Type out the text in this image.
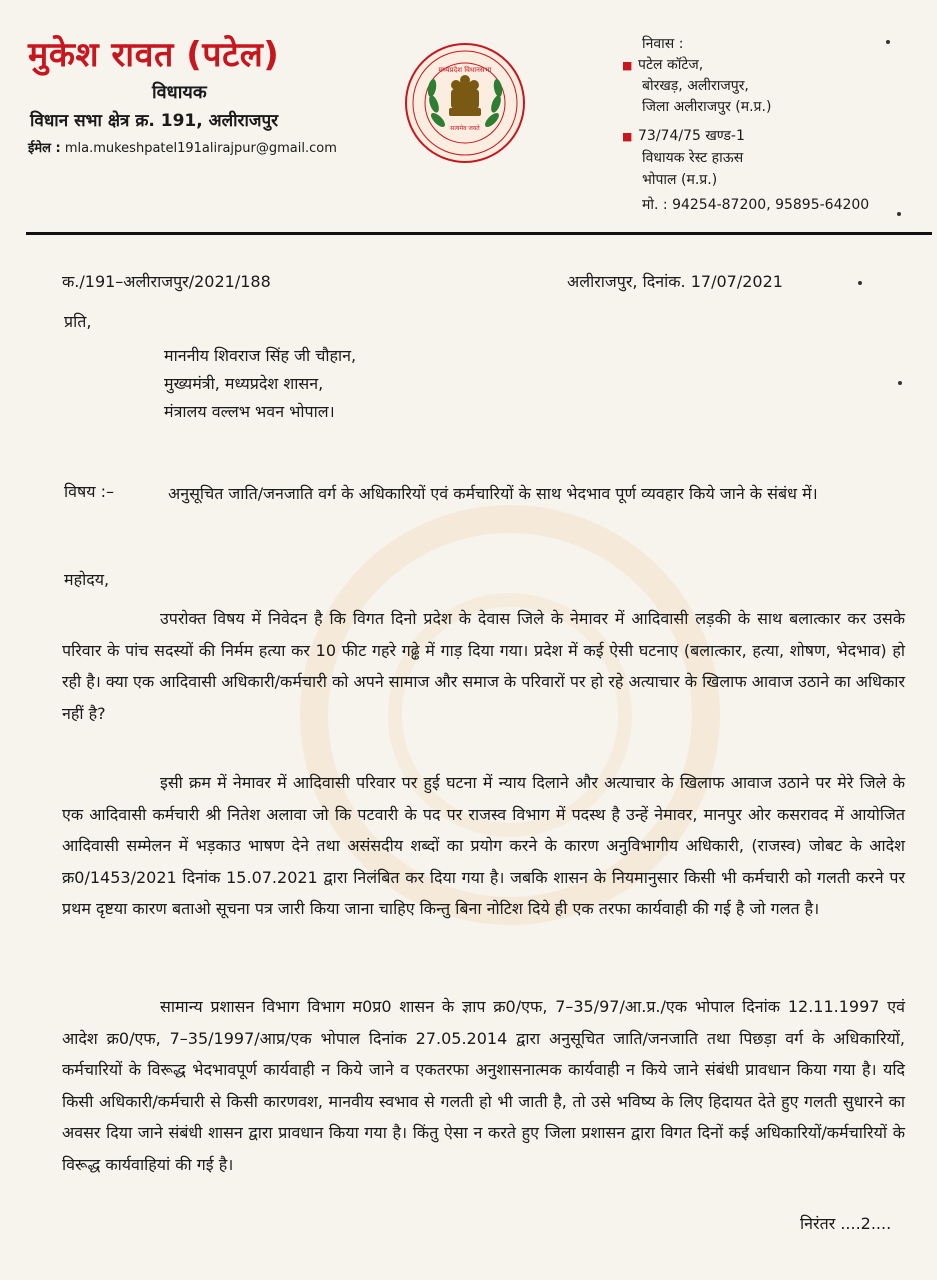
मुकेश रावत (पटेल)
विधायक
विधान सभा क्षेत्र क्र. 191, अलीराजपुर
ईमेल : mla.mukeshpatel191alirajpur@gmail.com
मध्यप्रदेश विधानसभा
सत्यमेव जयते
निवास :
■ पटेल कॉटेज,
बोरखड़, अलीराजपुर,
जिला अलीराजपुर (म.प्र.)
■ 73/74/75 खण्ड-1
विधायक रेस्ट हाऊस
भोपाल (म.प्र.)
मो. : 94254-87200, 95895-64200
क./191–अलीराजपुर/2021/188	अलीराजपुर, दिनांक. 17/07/2021
प्रति,
माननीय शिवराज सिंह जी चौहान,
मुख्यमंत्री, मध्यप्रदेश शासन,
मंत्रालय वल्लभ भवन भोपाल।
विषय :–	अनुसूचित जाति/जनजाति वर्ग के अधिकारियों एवं कर्मचारियों के साथ भेदभाव पूर्ण व्यवहार किये जाने के संबंध में।
महोदय,
उपरोक्त विषय में निवेदन है कि विगत दिनो प्रदेश के देवास जिले के नेमावर में आदिवासी लड़की के साथ बलात्कार कर उसके परिवार के पांच सदस्यों की निर्मम हत्या कर 10 फीट गहरे गढ्ढे में गाड़ दिया गया। प्रदेश में कई ऐसी घटनाए (बलात्कार, हत्या, शोषण, भेदभाव) हो रही है। क्या एक आदिवासी अधिकारी/कर्मचारी को अपने सामाज और समाज के परिवारों पर हो रहे अत्याचार के खिलाफ आवाज उठाने का अधिकार नहीं है?
इसी क्रम में नेमावर में आदिवासी परिवार पर हुई घटना में न्याय दिलाने और अत्याचार के खिलाफ आवाज उठाने पर मेरे जिले के एक आदिवासी कर्मचारी श्री नितेश अलावा जो कि पटवारी के पद पर राजस्व विभाग में पदस्थ है उन्हें नेमावर, मानपुर ओर कसरावद में आयोजित आदिवासी सम्मेलन में भड़काउ भाषण देने तथा असंसदीय शब्दों का प्रयोग करने के कारण अनुविभागीय अधिकारी, (राजस्व) जोबट के आदेश क्र0/1453/2021 दिनांक 15.07.2021 द्वारा निलंबित कर दिया गया है। जबकि शासन के नियमानुसार किसी भी कर्मचारी को गलती करने पर प्रथम दृष्टया कारण बताओ सूचना पत्र जारी किया जाना चाहिए किन्तु बिना नोटिश दिये ही एक तरफा कार्यवाही की गई है जो गलत है।
सामान्य प्रशासन विभाग विभाग म0प्र0 शासन के ज्ञाप क्र0/एफ, 7–35/97/आ.प्र./एक भोपाल दिनांक 12.11.1997 एवं आदेश क्र0/एफ, 7–35/1997/आप्र/एक भोपाल दिनांक 27.05.2014 द्वारा अनुसूचित जाति/जनजाति तथा पिछड़ा वर्ग के अधिकारियों, कर्मचारियों के विरूद्ध भेदभावपूर्ण कार्यवाही न किये जाने व एकतरफा अनुशासनात्मक कार्यवाही न किये जाने संबंधी प्रावधान किया गया है। यदि किसी अधिकारी/कर्मचारी से किसी कारणवश, मानवीय स्वभाव से गलती हो भी जाती है, तो उसे भविष्य के लिए हिदायत देते हुए गलती सुधारने का अवसर दिया जाने संबंधी शासन द्वारा प्रावधान किया गया है। किंतु ऐसा न करते हुए जिला प्रशासन द्वारा विगत दिनों कई अधिकारियों/कर्मचारियों के विरूद्ध कार्यवाहियां की गई है।
निरंतर ....2....
